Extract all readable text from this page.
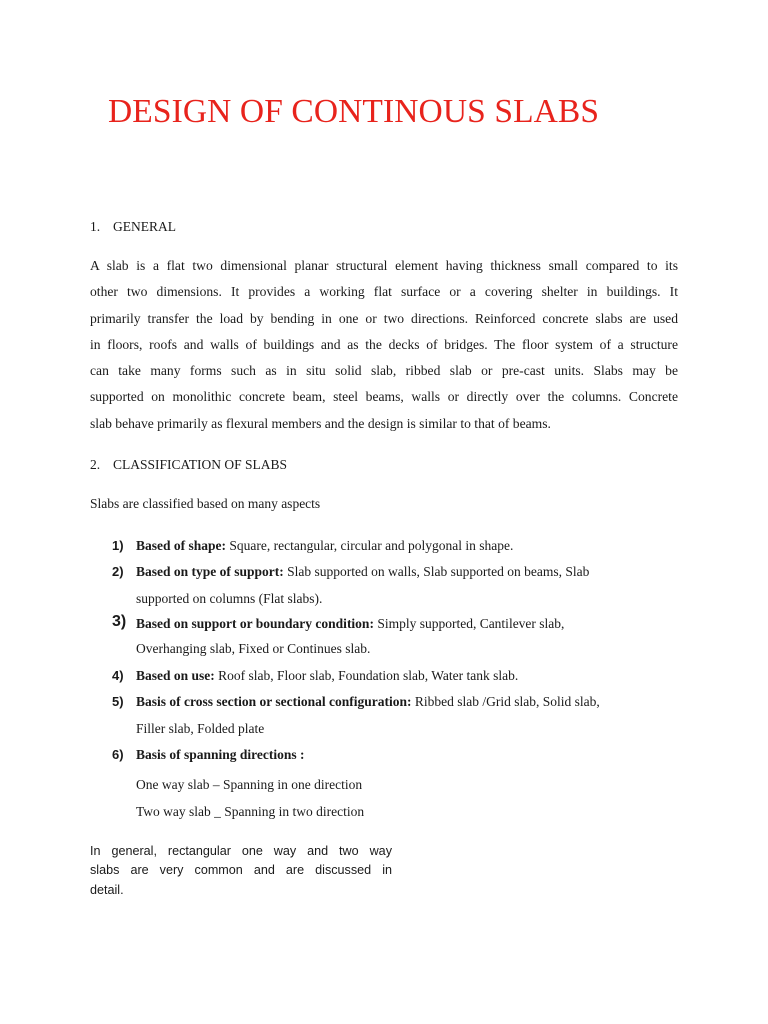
DESIGN OF CONTINOUS SLABS
1. GENERAL
A slab is a flat two dimensional planar structural element having thickness small compared to its
other two dimensions. It provides a working flat surface or a covering shelter in buildings. It
primarily transfer the load by bending in one or two directions. Reinforced concrete slabs are used
in floors, roofs and walls of buildings and as the decks of bridges. The floor system of a structure
can take many forms such as in situ solid slab, ribbed slab or pre-cast units. Slabs may be
supported on monolithic concrete beam, steel beams, walls or directly over the columns. Concrete
slab behave primarily as flexural members and the design is similar to that of beams.
2. CLASSIFICATION OF SLABS

Slabs are classified based on many aspects

1) Based of shape: Square, rectangular, circular and polygonal in shape.
2) Based on type of support: Slab supported on walls, Slab supported on beams, Slab

supported on columns (Flat slabs).

3) Based on support or boundary condition: Simply supported, Cantilever slab,

Overhanging slab, Fixed or Continues slab.

4) Based on use: Roof slab, Floor slab, Foundation slab, Water tank slab.
5) Basis of cross section or sectional configuration: Ribbed slab /Grid slab, Solid slab,

Filler slab, Folded plate

6) Basis of spanning directions :

One way slab – Spanning in one direction

Two way slab _ Spanning in two direction

In general, rectangular one way and two way
slabs are very common and are discussed in
detail.
